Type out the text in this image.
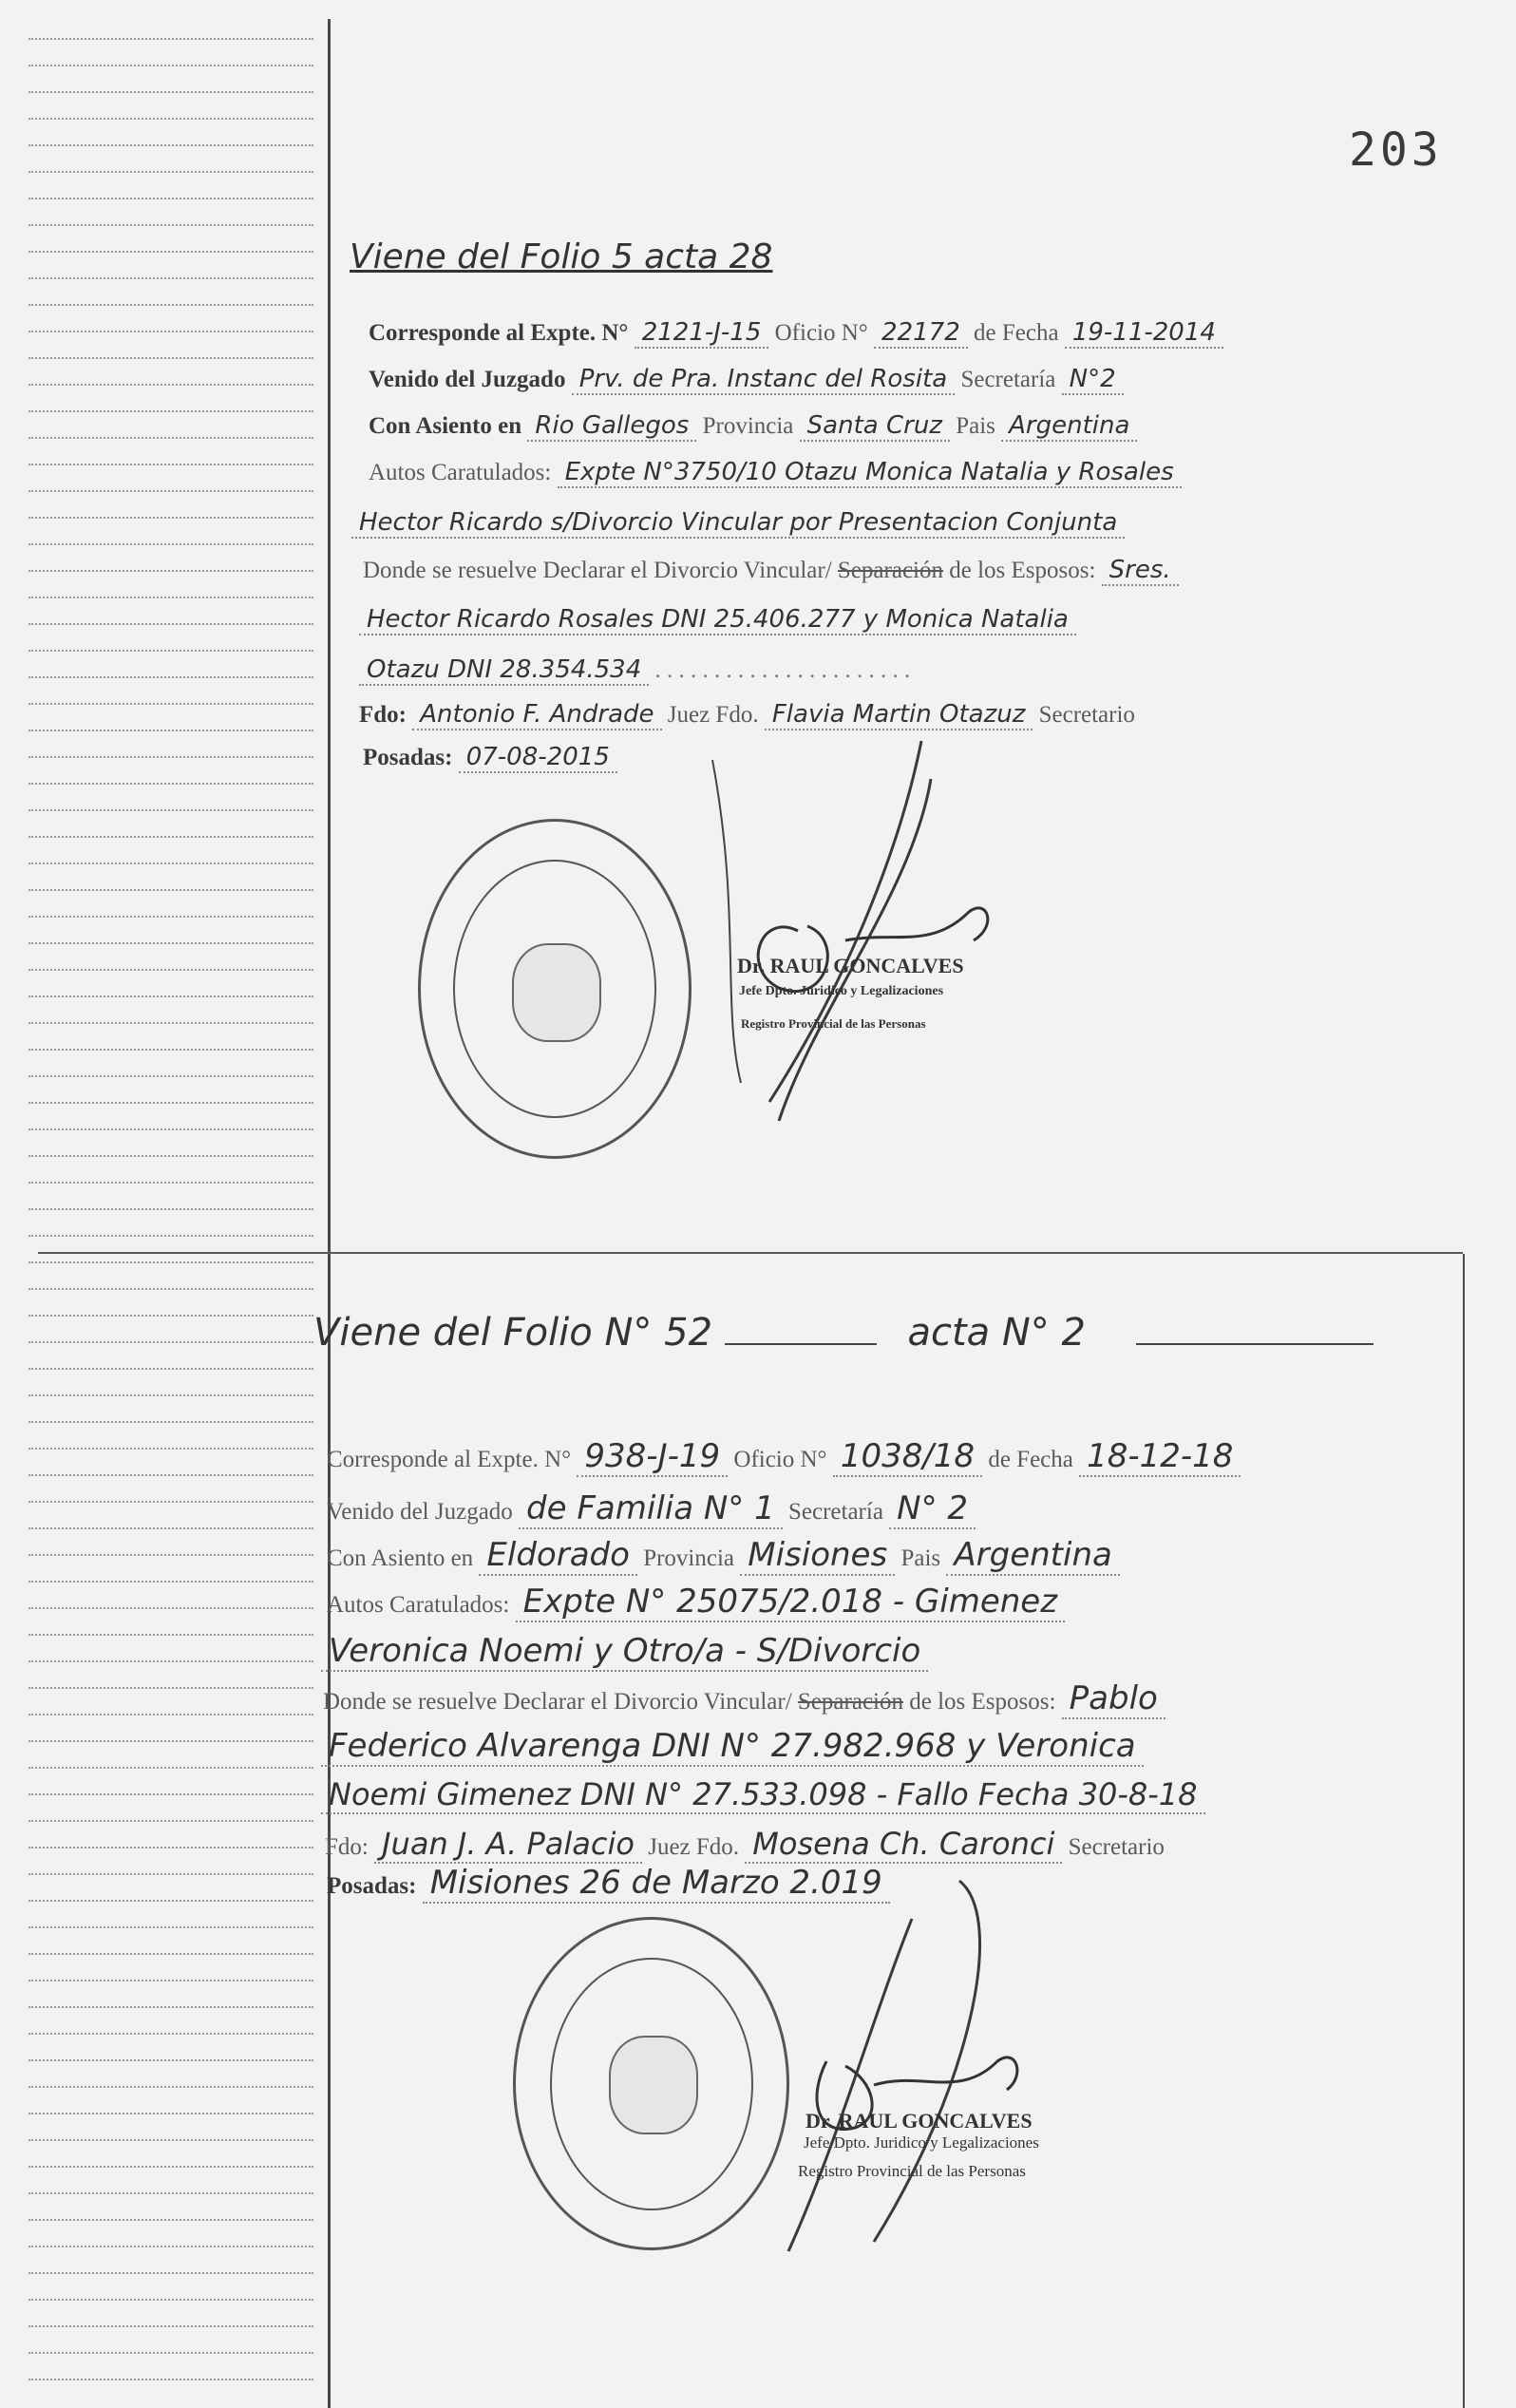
203
Viene del Folio 5 acta 28
Corresponde al Expte. N° 2121-J-15 Oficio N° 22172 de Fecha 19-11-2014
Venido del Juzgado Prv. de Pra. Instanc del Rosita Secretaría N°2
Con Asiento en Rio Gallegos Provincia Santa Cruz Pais Argentina
Autos Caratulados: Expte N°3750/10 Otazu Monica Natalia y Rosales
Hector Ricardo s/Divorcio Vincular por Presentacion Conjunta
Donde se resuelve Declarar el Divorcio Vincular/ Separación de los Esposos: Sres.
Hector Ricardo Rosales DNI 25.406.277 y Monica Natalia
Otazu DNI 28.354.534 . . . . . . . . . . . . . . . . . . . . . .
Fdo: Antonio F. Andrade Juez Fdo. Flavia Martin Otazuz Secretario
Posadas: 07-08-2015
Dr. RAUL GONCALVES
Jefe Dpto. Juridico y Legalizaciones
Registro Provincial de las Personas
Viene del Folio N° 52	acta N° 2
Corresponde al Expte. N° 938-J-19 Oficio N° 1038/18 de Fecha 18-12-18
Venido del Juzgado de Familia N° 1 Secretaría N° 2
Con Asiento en Eldorado Provincia Misiones Pais Argentina
Autos Caratulados: Expte N° 25075/2.018 - Gimenez
Veronica Noemi y Otro/a - S/Divorcio
Donde se resuelve Declarar el Divorcio Vincular/ Separación de los Esposos: Pablo
Federico Alvarenga DNI N° 27.982.968 y Veronica
Noemi Gimenez DNI N° 27.533.098 - Fallo Fecha 30-8-18
Fdo: Juan J. A. Palacio Juez Fdo. Mosena Ch. Caronci Secretario
Posadas: Misiones 26 de Marzo 2.019
Dr. RAUL GONCALVES
Jefe Dpto. Juridico y Legalizaciones
Registro Provincial de las Personas
